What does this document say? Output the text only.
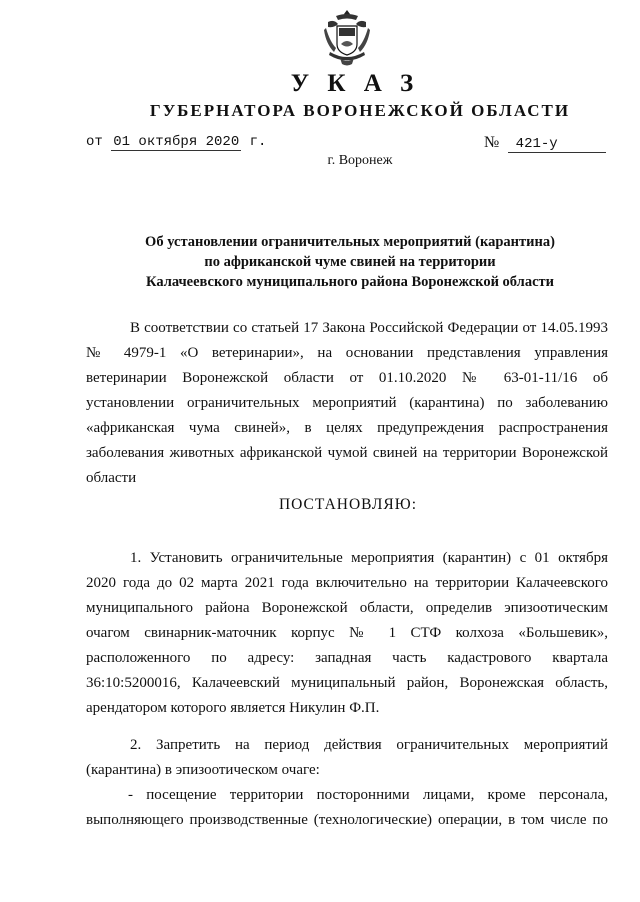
У К А З
ГУБЕРНАТОРА ВОРОНЕЖСКОЙ ОБЛАСТИ
от 01 октября 2020 г.	№ 421-у
г. Воронеж
Об установлении ограничительных мероприятий (карантина)
по африканской чуме свиней на территории
Калачеевского муниципального района Воронежской области
В соответствии со статьей 17 Закона Российской Федерации от 14.05.1993
№ 4979-1 «О ветеринарии», на основании представления управления
ветеринарии Воронежской области от 01.10.2020 № 63-01-11/16 об
установлении ограничительных мероприятий (карантина) по заболеванию
«африканская чума свиней», в целях предупреждения распространения
заболевания животных африканской чумой свиней на территории Воронежской
области
ПОСТАНОВЛЯЮ:
1. Установить ограничительные мероприятия (карантин) с 01 октября
2020 года до 02 марта 2021 года включительно на территории Калачеевского
муниципального района Воронежской области, определив эпизоотическим
очагом свинарник-маточник корпус № 1 СТФ колхоза «Большевик»,
расположенного по адресу: западная часть кадастрового квартала
36:10:5200016, Калачеевский муниципальный район, Воронежская область,
арендатором которого является Никулин Ф.П.
2. Запретить на период действия ограничительных мероприятий
(карантина) в эпизоотическом очаге:
- посещение территории посторонними лицами, кроме персонала,
выполняющего производственные (технологические) операции, в том числе по
